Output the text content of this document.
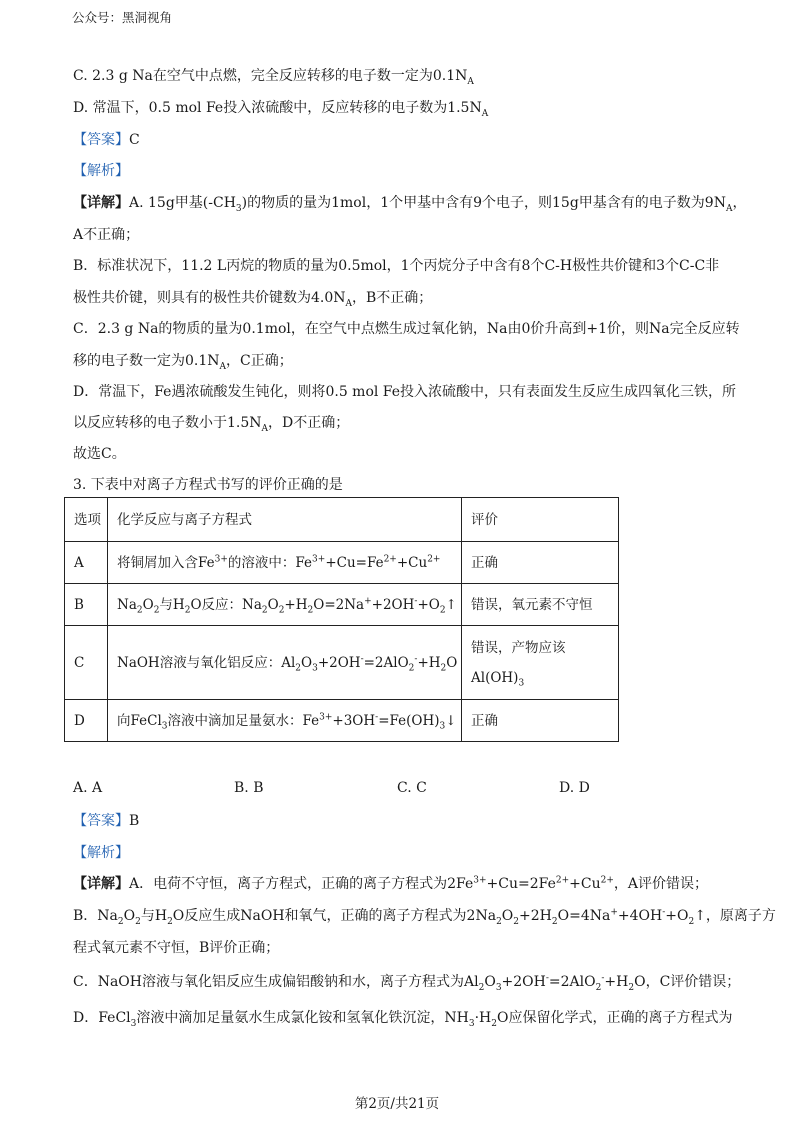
公众号：黑洞视角
C. 2.3 g Na在空气中点燃，完全反应转移的电子数一定为$0.1N_A$
D. 常温下，0.5 mol Fe投入浓硫酸中，反应转移的电子数为$1.5N_A$
【答案】C
【解析】
【详解】A. 15g甲基$(-CH_3)$的物质的量为1mol，1个甲基中含有9个电子，则15g甲基含有的电子数为$9N_A$，
A不正确；
B．标准状况下，11.2 L丙烷的物质的量为0.5mol，1个丙烷分子中含有8个C-H极性共价键和3个C-C非
极性共价键，则具有的极性共价键数为$4.0N_A$，B不正确；
C．2.3 g Na的物质的量为0.1mol，在空气中点燃生成过氧化钠，Na由0价升高到+1价，则Na完全反应转
移的电子数一定为$0.1N_A$，C正确；
D．常温下，Fe遇浓硫酸发生钝化，则将0.5 mol Fe投入浓硫酸中，只有表面发生反应生成四氧化三铁，所
以反应转移的电子数小于$1.5N_A$，D不正确；
故选C。
3. 下表中对离子方程式书写的评价正确的是
选项	化学反应与离子方程式	评价
A	将铜屑加入含$Fe^{3+}$的溶液中：$Fe^{3+}+Cu=Fe^{2+}+Cu^{2+}$	正确
B	$Na_2O_2$与$H_2O$反应：$Na_2O_2+H_2O=2Na^++2OH^-+O_2↑$	错误，氧元素不守恒
C	NaOH溶液与氧化铝反应：$Al_2O_3+2OH^-=2AlO_2^-+H_2O$	错误，产物应该
$Al(OH)_3$

D	向FeCl$_3$溶液中滴加足量氨水：$Fe^{3+}+3OH^-=Fe(OH)_3↓$	正确
A. A	B. B	C. C	D. D
【答案】B
【解析】
【详解】A．电荷不守恒，离子方程式，正确的离子方程式为$2Fe^{3+}+Cu=2Fe^{2+}+Cu^{2+}$，A评价错误；
B．$Na_2O_2$与$H_2O$反应生成NaOH和氧气，正确的离子方程式为$2Na_2O_2+2H_2O=4Na^++4OH^-+O_2↑$，原离子方
程式氧元素不守恒，B评价正确；
C．NaOH溶液与氧化铝反应生成偏铝酸钠和水，离子方程式为$Al_2O_3+2OH^-=2AlO_2^-+H_2O$，C评价错误；
D．FeCl$_3$溶液中滴加足量氨水生成氯化铵和氢氧化铁沉淀，$NH_3\cdot H_2O$应保留化学式，正确的离子方程式为
第2页/共21页
